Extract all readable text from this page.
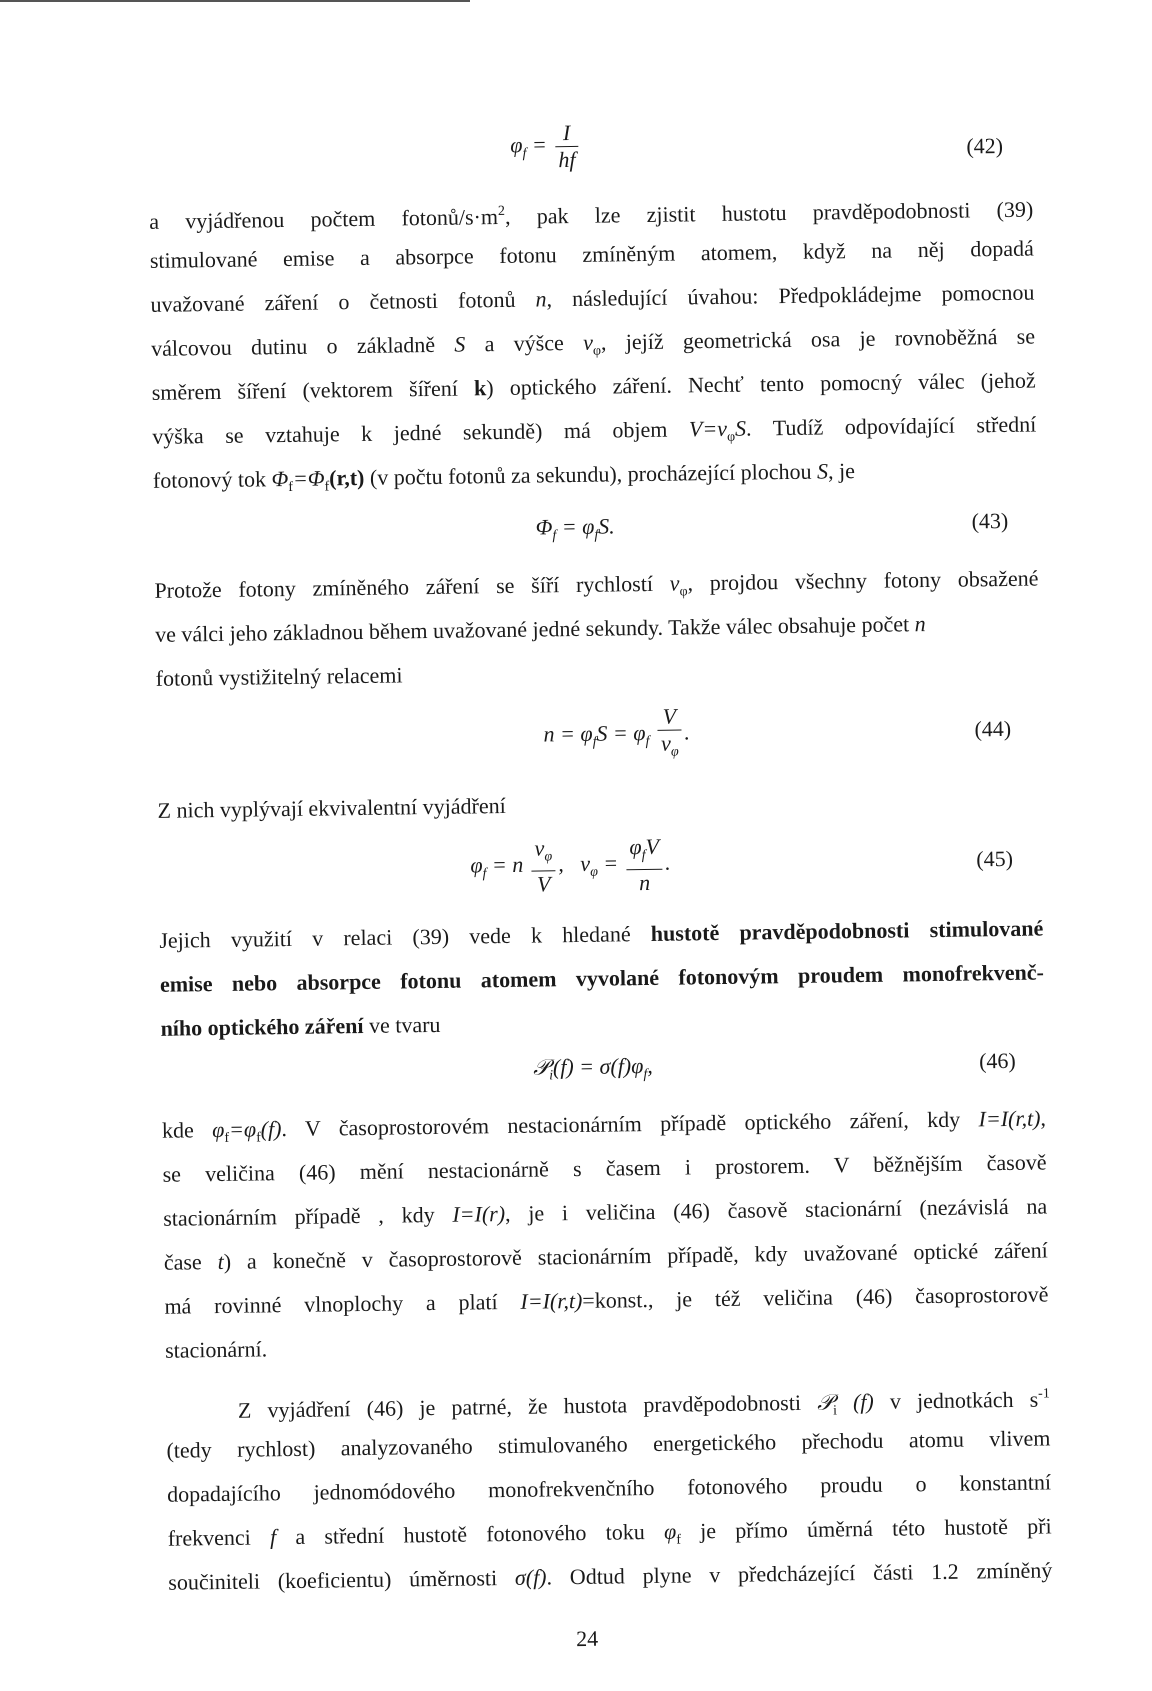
$\varphi_f = \frac{I}{hf}$	(42)
a vyjádřenou počtem fotonů/$s\cdot m^2$, pak lze zjistit hustotu pravděpodobnosti (39)
stimulované emise a absorpce fotonu zmíněným atomem, když na něj dopadá
uvažované záření o četnosti fotonů n, následující úvahou: Předpokládejme pomocnou
válcovou dutinu o základně S a výšce $v_\varphi$, jejíž geometrická osa je rovnoběžná se
směrem šíření (vektorem šíření k) optického záření. Nechť tento pomocný válec (jehož
výška se vztahuje k jedné sekundě) má objem $V=v_\varphi S$. Tudíž odpovídající střední
fotonový tok $\Phi_f=\Phi_f(r,t)$ (v počtu fotonů za sekundu), procházející plochou S, je
$\Phi_f = \varphi_fS$.	(43)
Protože fotony zmíněného záření se šíří rychlostí $v_\varphi$, projdou všechny fotony obsažené
ve válci jeho základnou během uvažované jedné sekundy. Takže válec obsahuje počet n
fotonů vystižitelný relacemi
$n = \varphi_fS = \varphi_f \frac{V}{v_\varphi}$ .	(44)
Z nich vyplývají ekvivalentní vyjádření
$\varphi_f = n \frac{v_\varphi}{V}$ , $v_\varphi = \frac{\varphi_fV}{n}$ .	(45)
Jejich využití v relaci (39) vede k hledané hustotě pravděpodobnosti stimulované
emise nebo absorpce fotonu atomem vyvolané fotonovým proudem monofrekvenč-
ního optického záření ve tvaru
𝒫$_i$(f) = $\sigma(f)\varphi_f$,	(46)
kde $\varphi_f=\varphi_f(f)$. V časoprostorovém nestacionárním případě optického záření, kdy I=I(r,t),
se veličina (46) mění nestacionárně s časem i prostorem. V běžnějším časově
stacionárním případě , kdy I=I(r), je i veličina (46) časově stacionární (nezávislá na
čase t) a konečně v časoprostorově stacionárním případě, kdy uvažované optické záření
má rovinné vlnoplochy a platí I=I(r,t)=konst., je též veličina (46) časoprostorově
stacionární.
Z vyjádření (46) je patrné, že hustota pravděpodobnosti 𝒫$_i$ (f) v jednotkách $s^{-1}$
(tedy rychlost) analyzovaného stimulovaného energetického přechodu atomu vlivem
dopadajícího jednomódového monofrekvenčního fotonového proudu o konstantní
frekvenci f a střední hustotě fotonového toku $\varphi_f$ je přímo úměrná této hustotě při
součiniteli (koeficientu) úměrnosti σ(f). Odtud plyne v předcházející části 1.2 zmíněný
24
